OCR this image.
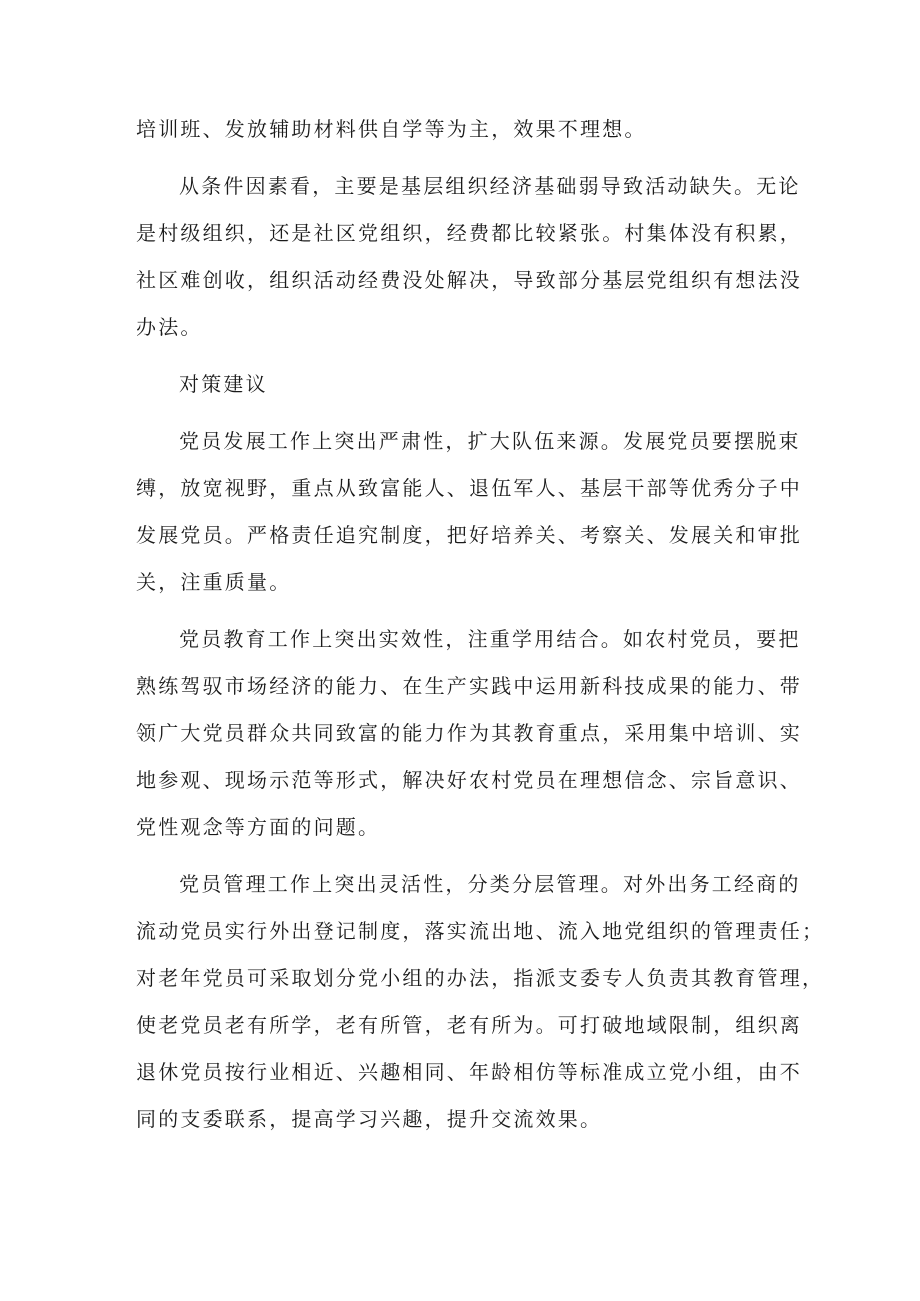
培训班、发放辅助材料供自学等为主，效果不理想。

从条件因素看，主要是基层组织经济基础弱导致活动缺失。无论
是村级组织，还是社区党组织，经费都比较紧张。村集体没有积累，
社区难创收，组织活动经费没处解决，导致部分基层党组织有想法没
办法。

对策建议

党员发展工作上突出严肃性，扩大队伍来源。发展党员要摆脱束
缚，放宽视野，重点从致富能人、退伍军人、基层干部等优秀分子中
发展党员。严格责任追究制度，把好培养关、考察关、发展关和审批
关，注重质量。

党员教育工作上突出实效性，注重学用结合。如农村党员，要把
熟练驾驭市场经济的能力、在生产实践中运用新科技成果的能力、带
领广大党员群众共同致富的能力作为其教育重点，采用集中培训、实
地参观、现场示范等形式，解决好农村党员在理想信念、宗旨意识、
党性观念等方面的问题。

党员管理工作上突出灵活性，分类分层管理。对外出务工经商的
流动党员实行外出登记制度，落实流出地、流入地党组织的管理责任；
对老年党员可采取划分党小组的办法，指派支委专人负责其教育管理，
使老党员老有所学，老有所管，老有所为。可打破地域限制，组织离
退休党员按行业相近、兴趣相同、年龄相仿等标准成立党小组，由不
同的支委联系，提高学习兴趣，提升交流效果。
